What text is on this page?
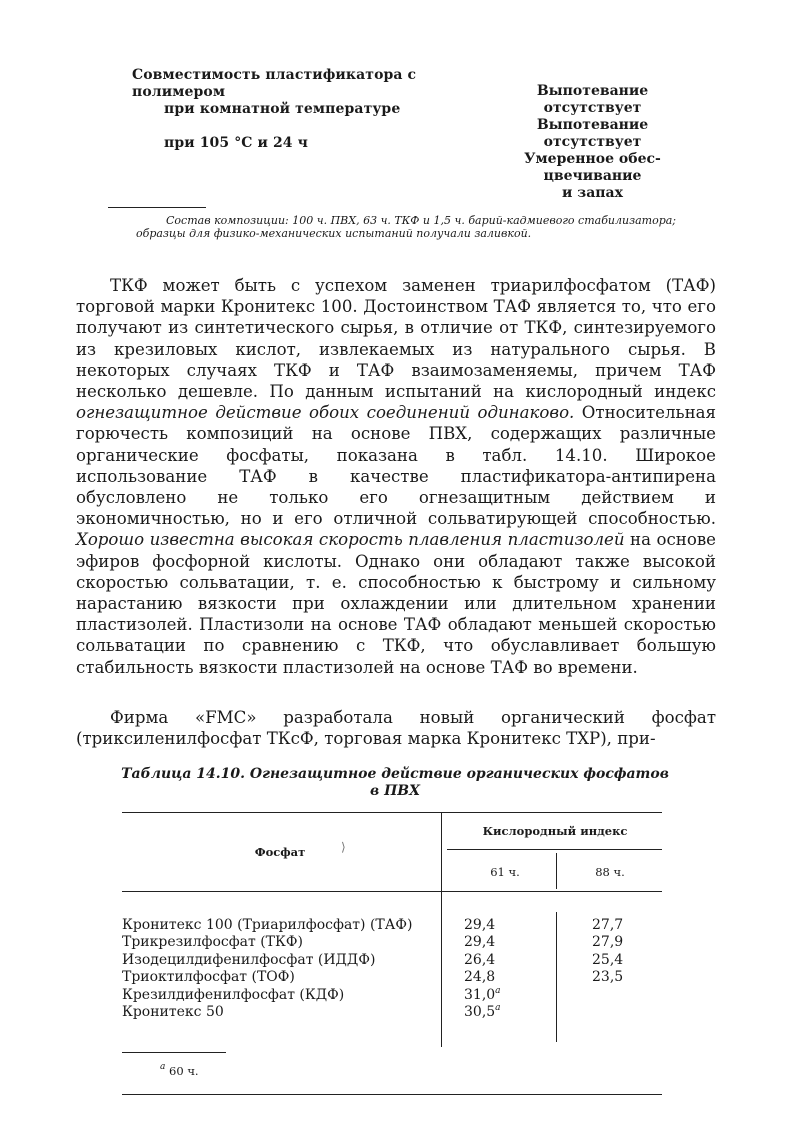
Совместимость пластификатора с полимером
при комнатной температуре
при 105 °С и 24 ч
Выпотевание
отсутствует
Выпотевание
отсутствует
Умеренное обес-
цвечивание
и запах
Состав композиции: 100 ч. ПВХ, 63 ч. ТКФ и 1,5 ч. барий-кадмиевого стабилизатора; образцы для физико-механических испытаний получали заливкой.
ТКФ может быть с успехом заменен триарилфосфатом (ТАФ) торговой марки Кронитекс 100. Достоинством ТАФ является то, что его получают из синтетического сырья, в отличие от ТКФ, синтезируемого из крезиловых кислот, извлекаемых из натурального сырья. В некоторых случаях ТКФ и ТАФ взаимозаменяемы, причем ТАФ несколько дешевле. По данным испытаний на кислородный индекс огнезащитное действие обоих соединений одинаково. Относительная горючесть композиций на основе ПВХ, содержащих различные органические фосфаты, показана в табл. 14.10. Широкое использование ТАФ в качестве пластификатора-антипирена обусловлено не только его огнезащитным действием и экономичностью, но и его отличной сольватирующей способностью. Хорошо известна высокая скорость плавления пластизолей на основе эфиров фосфорной кислоты. Однако они обладают также высокой скоростью сольватации, т. е. способностью к быстрому и сильному нарастанию вязкости при охлаждении или длительном хранении пластизолей. Пластизоли на основе ТАФ обладают меньшей скоростью сольватации по сравнению с ТКФ, что обуславливает большую стабильность вязкости пластизолей на основе ТАФ во времени.
Фирма «FMC» разработала новый органический фосфат (триксиленилфосфат ТКсФ, торговая марка Кронитекс ТХР), при-
Таблица 14.10. Огнезащитное действие органических фосфатов
в ПВХ
Фосфат	⟩
Кислородный индекс
61 ч.	88 ч.
Кронитекс 100 (Триарилфосфат) (ТАФ)
Трикрезилфосфат (ТКФ)
Изодецилдифенилфосфат (ИДДФ)
Триоктилфосфат (ТОФ)
Крезилдифенилфосфат (КДФ)
Кронитекс 50
29,4
29,4
26,4
24,8
$31,0^а$
$30,5^а$
27,7
27,9
25,4
23,5
$^а$ 60 ч.
